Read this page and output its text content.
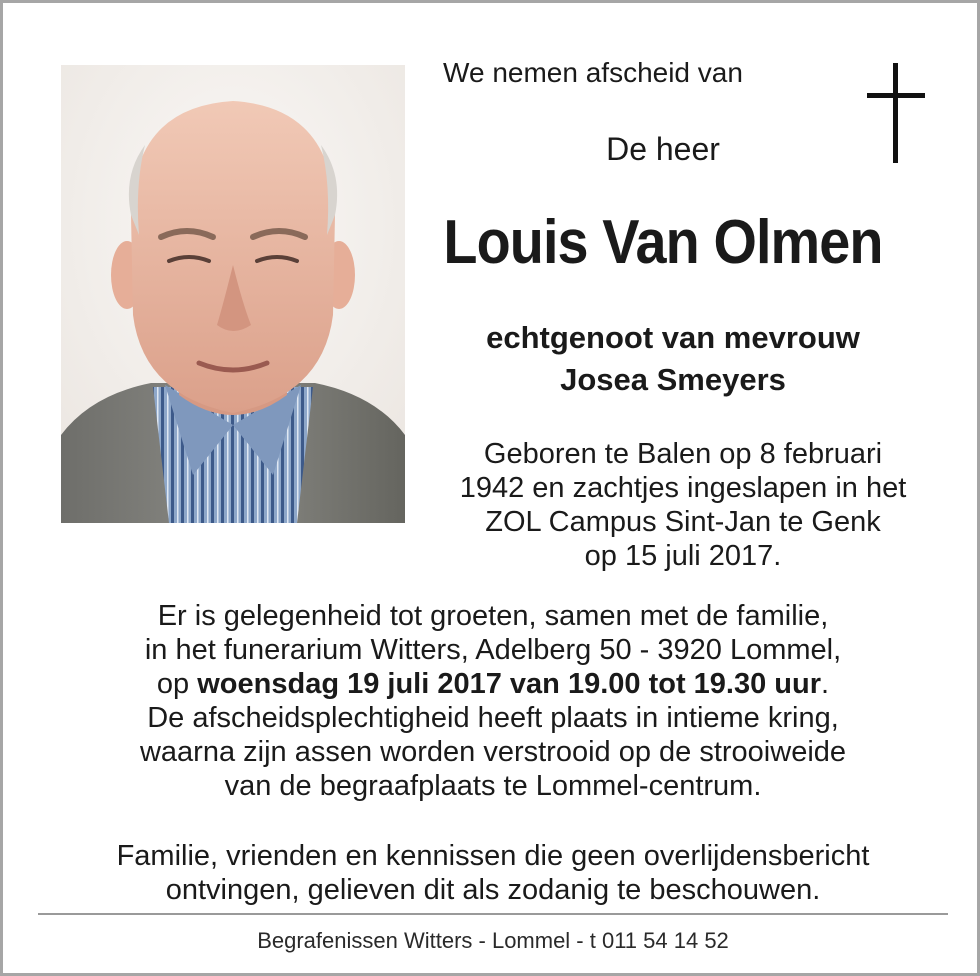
We nemen afscheid van
De heer
Louis Van Olmen
echtgenoot van mevrouw
Josea Smeyers
Geboren te Balen op 8 februari
1942 en zachtjes ingeslapen in het
ZOL Campus Sint-Jan te Genk
op 15 juli 2017.
Er is gelegenheid tot groeten, samen met de familie,
in het funerarium Witters, Adelberg 50 - 3920 Lommel,
op woensdag 19 juli 2017 van 19.00 tot 19.30 uur.
De afscheidsplechtigheid heeft plaats in intieme kring,
waarna zijn assen worden verstrooid op de strooiweide
van de begraafplaats te Lommel-centrum.
Familie, vrienden en kennissen die geen overlijdensbericht
ontvingen, gelieven dit als zodanig te beschouwen.
Begrafenissen Witters - Lommel - t 011 54 14 52
